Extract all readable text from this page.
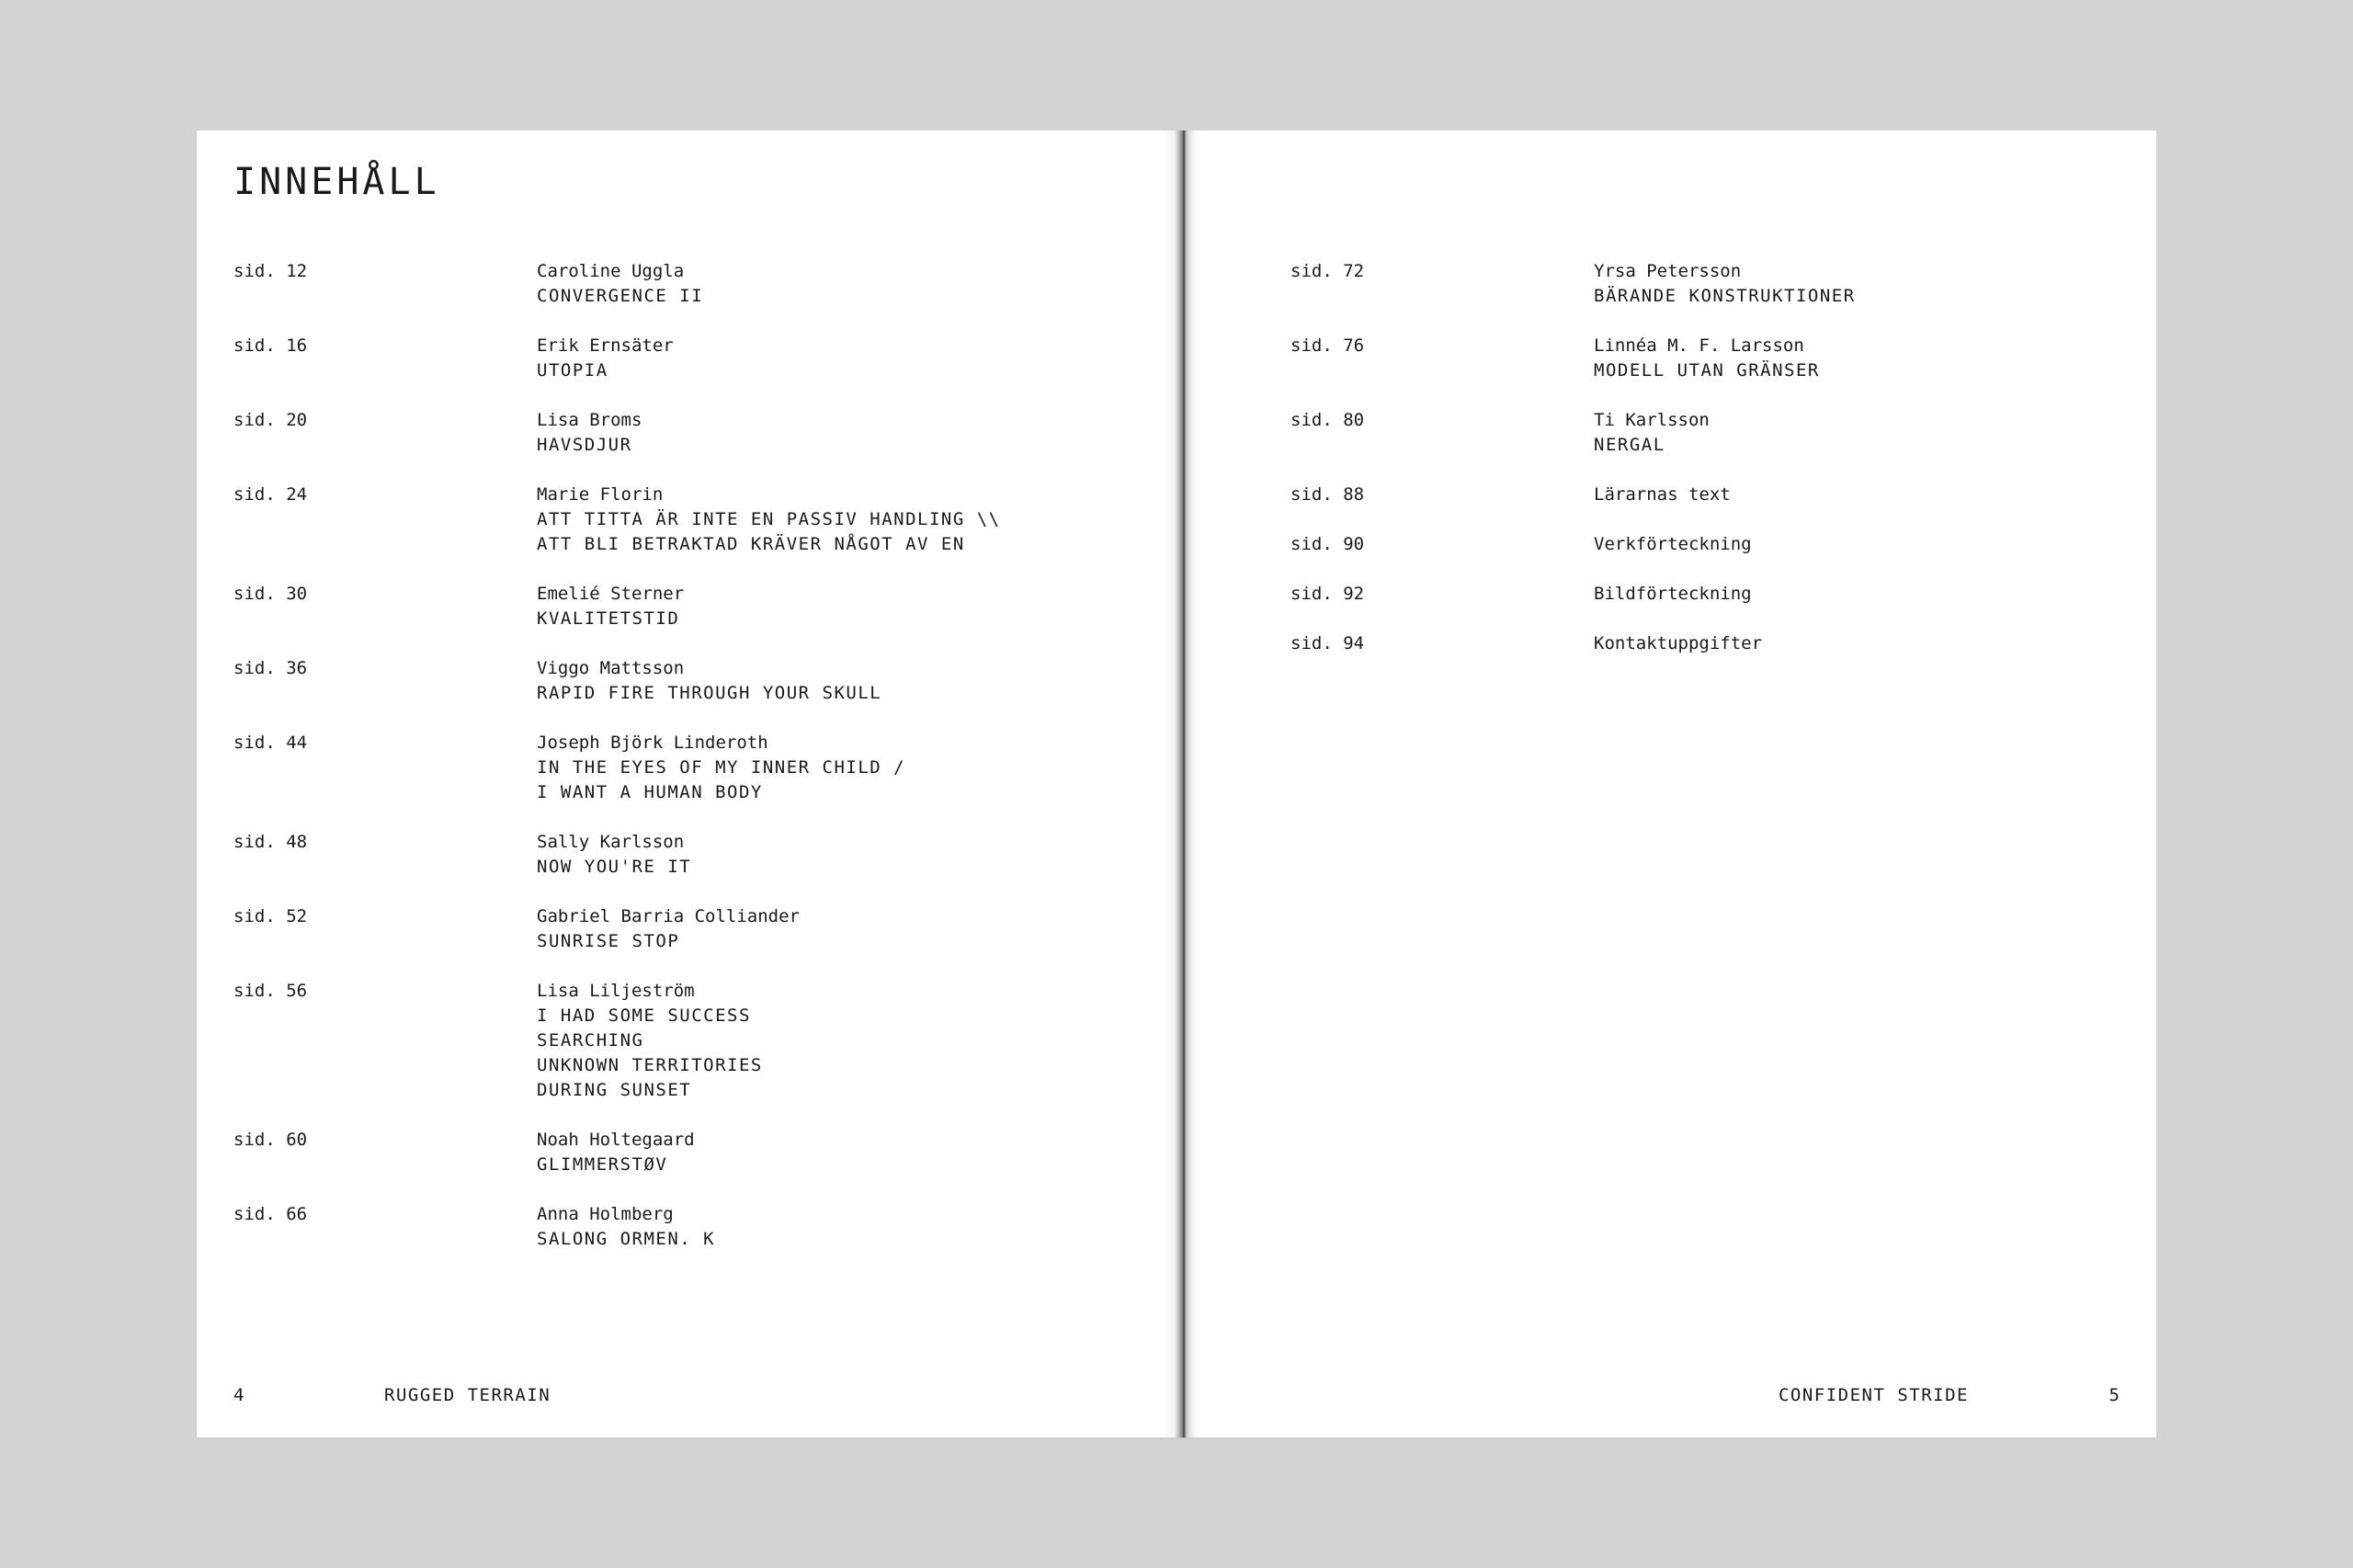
INNEHÅLL
sid. 12	Caroline Uggla
CONVERGENCE II
sid. 16	Erik Ernsäter
UTOPIA
sid. 20	Lisa Broms
HAVSDJUR
sid. 24	Marie Florin
ATT TITTA ÄR INTE EN PASSIV HANDLING \\
ATT BLI BETRAKTAD KRÄVER NÅGOT AV EN
sid. 30	Emelié Sterner
KVALITETSTID
sid. 36	Viggo Mattsson
RAPID FIRE THROUGH YOUR SKULL
sid. 44	Joseph Björk Linderoth
IN THE EYES OF MY INNER CHILD /
I WANT A HUMAN BODY
sid. 48	Sally Karlsson
NOW YOU'RE IT
sid. 52	Gabriel Barria Colliander
SUNRISE STOP
sid. 56	Lisa Liljeström
I HAD SOME SUCCESS
SEARCHING
UNKNOWN TERRITORIES
DURING SUNSET
sid. 60	Noah Holtegaard
GLIMMERSTØV
sid. 66	Anna Holmberg
SALONG ORMEN. K
4	RUGGED TERRAIN
sid. 72	Yrsa Petersson
BÄRANDE KONSTRUKTIONER
sid. 76	Linnéa M. F. Larsson
MODELL UTAN GRÄNSER
sid. 80	Ti Karlsson
NERGAL
sid. 88	Lärarnas text
sid. 90	Verkförteckning
sid. 92	Bildförteckning
sid. 94	Kontaktuppgifter
CONFIDENT STRIDE	5
